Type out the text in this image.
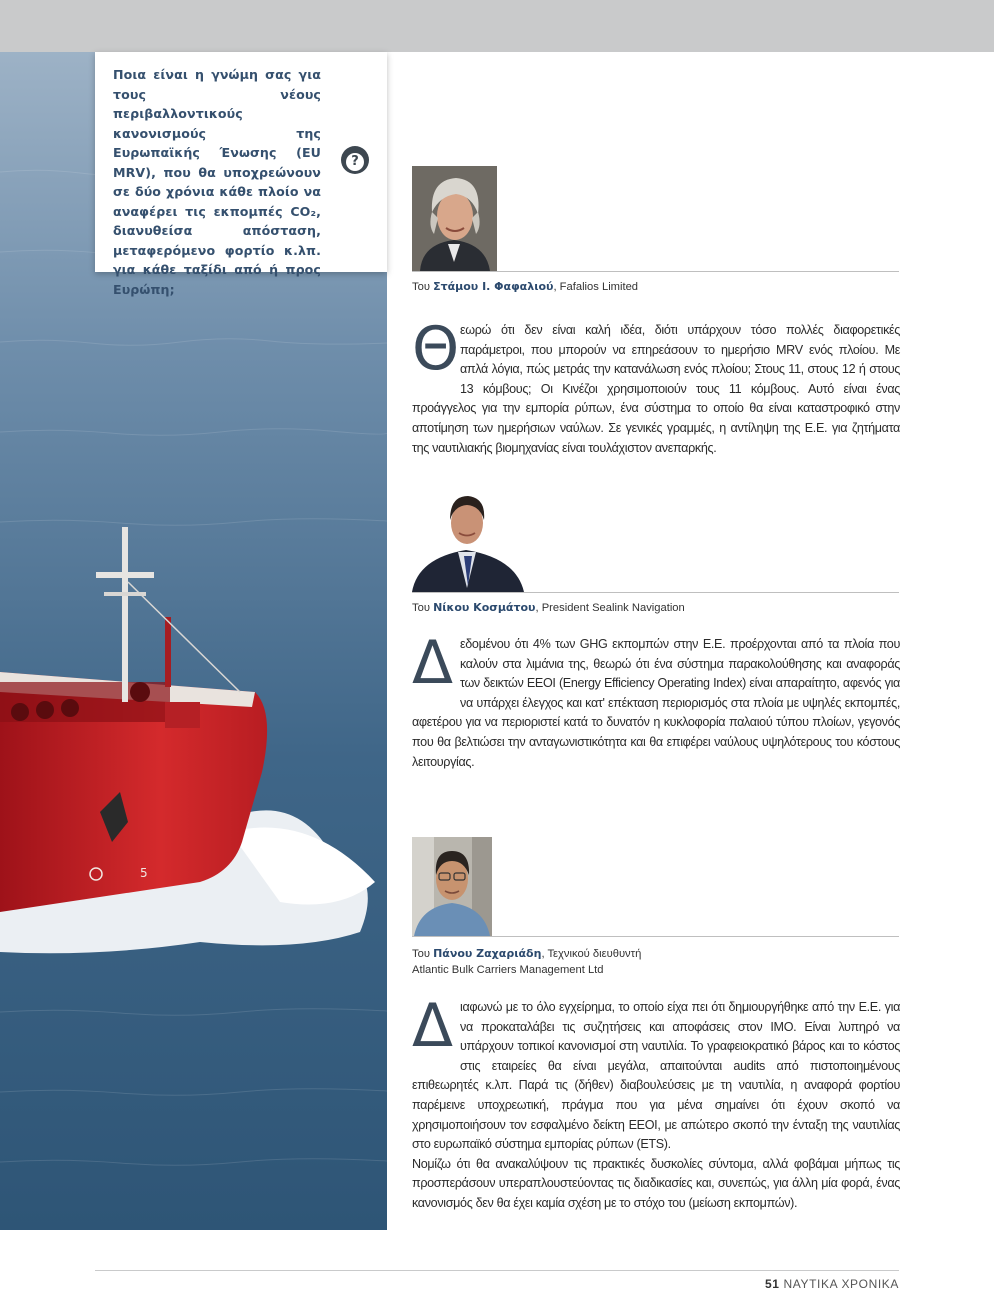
5

Ποια είναι η γνώμη σας για τους νέους περιβαλλοντικούς κανονισμούς της Ευρωπαϊκής Ένωσης (EU MRV), που θα υποχρεώνουν σε δύο χρόνια κάθε πλοίο να αναφέρει τις εκπομπές CO₂, διανυθείσα απόσταση, μεταφερόμενο φορτίο κ.λπ. για κάθε ταξίδι από ή προς Ευρώπη;

?
Του Στάμου Ι. Φαφαλιού, Fafalios Limited
Θ εωρώ ότι δεν είναι καλή ιδέα, διότι υπάρχουν τόσο πολλές διαφορετικές παράμετροι, που μπορούν να επηρεάσουν το ημερήσιο MRV ενός πλοίου. Με απλά λόγια, πώς μετράς την κατανάλωση ενός πλοίου; Στους 11, στους 12 ή στους 13 κόμβους; Οι Κινέζοι χρησιμοποιούν τους 11 κόμβους. Αυτό είναι ένας προάγγελος για την εμπορία ρύπων, ένα σύστημα το οποίο θα είναι καταστροφικό στην αποτίμηση των ημερήσιων ναύλων. Σε γενικές γραμμές, η αντίληψη της Ε.Ε. για ζητήματα της ναυτιλιακής βιομηχανίας είναι τουλάχιστον ανεπαρκής.

Του Νίκου Κοσμάτου, President Sealink Navigation
Δ εδομένου ότι 4% των GHG εκπομπών στην Ε.Ε. προέρχονται από τα πλοία που καλούν στα λιμάνια της, θεωρώ ότι ένα σύστημα παρακολούθησης και αναφοράς των δεικτών EEOI (Energy Efficiency Operating Index) είναι απαραίτητο, αφενός για να υπάρχει έλεγχος και κατ' επέκταση περιορισμός στα πλοία με υψηλές εκπομπές, αφετέρου για να περιοριστεί κατά το δυνατόν η κυκλοφορία παλαιού τύπου πλοίων, γεγονός που θα βελτιώσει την ανταγωνιστικότητα και θα επιφέρει ναύλους υψηλότερους του κόστους λειτουργίας.

Του Πάνου Ζαχαριάδη, Τεχνικού διευθυντή
Atlantic Bulk Carriers Management Ltd
Δ ιαφωνώ με το όλο εγχείρημα, το οποίο είχα πει ότι δημιουργήθηκε από την Ε.Ε. για να προκαταλάβει τις συζητήσεις και αποφάσεις στον IMO. Είναι λυπηρό να υπάρχουν τοπικοί κανονισμοί στη ναυτιλία. Το γραφειοκρατικό βάρος και το κόστος στις εταιρείες θα είναι μεγάλα, απαιτούνται audits από πιστοποιημένους επιθεωρητές κ.λπ. Παρά τις (δήθεν) διαβουλεύσεις με τη ναυτιλία, η αναφορά φορτίου παρέμεινε υποχρεωτική, πράγμα που για μένα σημαίνει ότι έχουν σκοπό να χρησιμοποιήσουν τον εσφαλμένο δείκτη EEOI, με απώτερο σκοπό την ένταξη της ναυτιλίας στο ευρωπαϊκό σύστημα εμπορίας ρύπων (ETS).

Νομίζω ότι θα ανακαλύψουν τις πρακτικές δυσκολίες σύντομα, αλλά φοβάμαι μήπως τις προσπεράσουν υπεραπλουστεύοντας τις διαδικασίες και, συνεπώς, για άλλη μία φορά, ένας κανονισμός δεν θα έχει καμία σχέση με το στόχο του (μείωση εκπομπών).

51 ΝΑΥΤΙΚΑ ΧΡΟΝΙΚΑ
